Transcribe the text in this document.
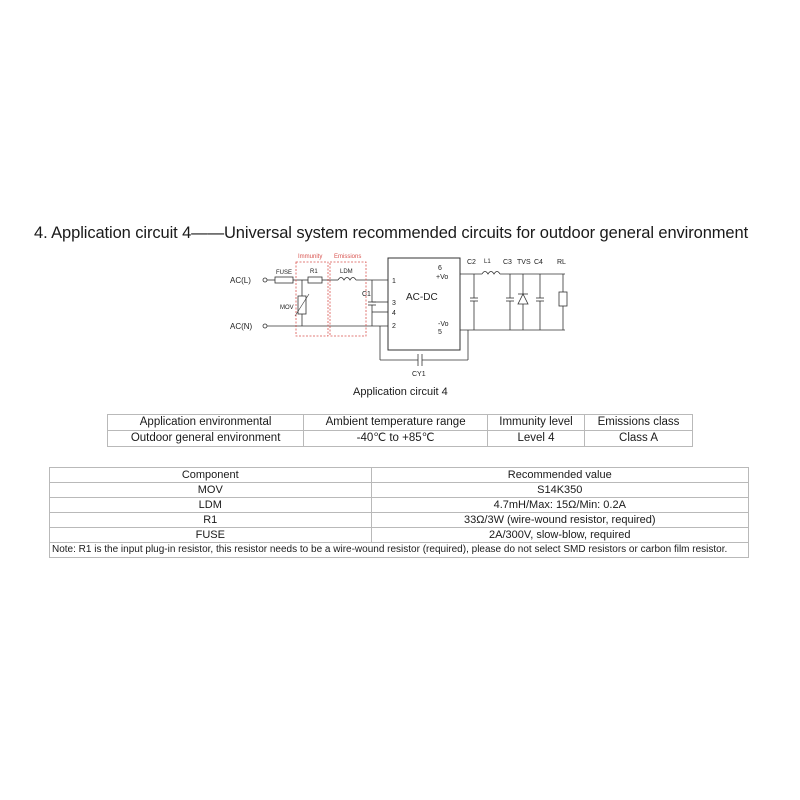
4. Application circuit 4——Universal system recommended circuits for outdoor general environment
AC(L)
AC(N)
FUSE	R1	LDM
MOV
Immunity Emissions
C1	AC-DC
1
3
4
2
6
+Vo
-Vo
5
L1
C2	C3 TVS C4 RL
CY1
Application circuit 4
Application environmental	Ambient temperature range	Immunity level	Emissions class
Outdoor general environment	-40℃ to +85℃	Level 4	Class A
Component	Recommended value
MOV	S14K350
LDM	4.7mH/Max: 15Ω/Min: 0.2A
R1	33Ω/3W (wire-wound resistor, required)
FUSE	2A/300V, slow-blow, required
Note: R1 is the input plug-in resistor, this resistor needs to be a wire-wound resistor (required), please do not select SMD resistors or carbon film resistor.	
